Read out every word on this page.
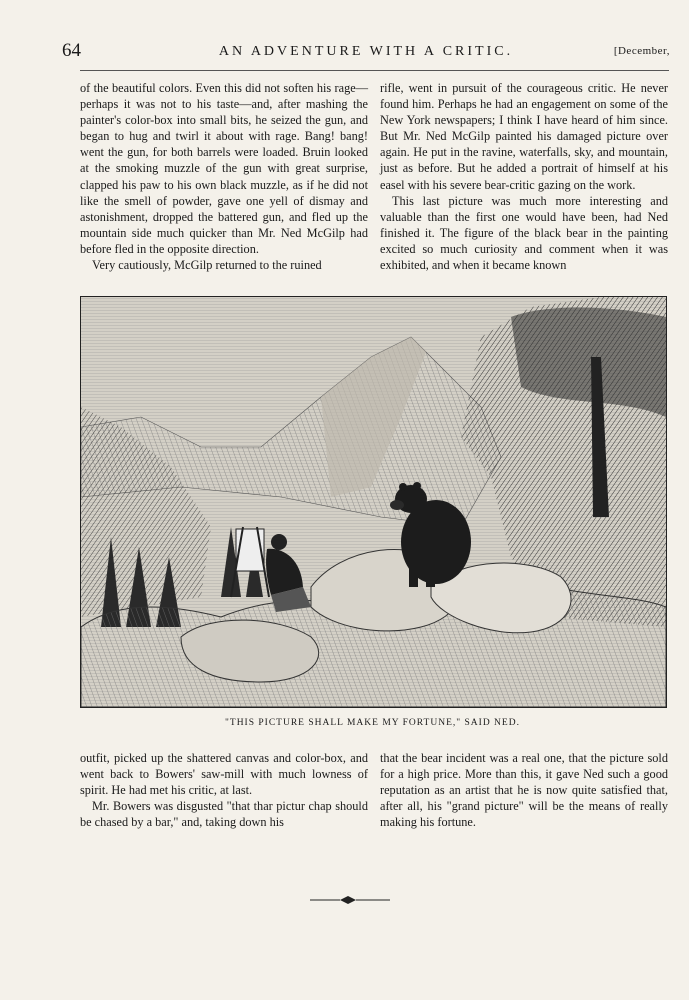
64	AN ADVENTURE WITH A CRITIC.	[December,

of the beautiful colors. Even this did not soften his rage—perhaps it was not to his taste—and, after mashing the painter's color-box into small bits, he seized the gun, and began to hug and twirl it about with rage. Bang! bang! went the gun, for both barrels were loaded. Bruin looked at the smoking muzzle of the gun with great surprise, clapped his paw to his own black muzzle, as if he did not like the smell of powder, gave one yell of dismay and astonishment, dropped the battered gun, and fled up the mountain side much quicker than Mr. Ned McGilp had before fled in the opposite direction.

Very cautiously, McGilp returned to the ruined

rifle, went in pursuit of the courageous critic. He never found him. Perhaps he had an engagement on some of the New York newspapers; I think I have heard of him since. But Mr. Ned McGilp painted his damaged picture over again. He put in the ravine, waterfalls, sky, and mountain, just as before. But he added a portrait of himself at his easel with his severe bear-critic gazing on the work.

This last picture was much more interesting and valuable than the first one would have been, had Ned finished it. The figure of the black bear in the painting excited so much curiosity and comment when it was exhibited, and when it became known

"THIS PICTURE SHALL MAKE MY FORTUNE," SAID NED.

outfit, picked up the shattered canvas and color-box, and went back to Bowers' saw-mill with much lowness of spirit. He had met his critic, at last.

Mr. Bowers was disgusted "that thar pictur chap should be chased by a bar," and, taking down his

that the bear incident was a real one, that the picture sold for a high price. More than this, it gave Ned such a good reputation as an artist that he is now quite satisfied that, after all, his "grand picture" will be the means of really making his fortune.
